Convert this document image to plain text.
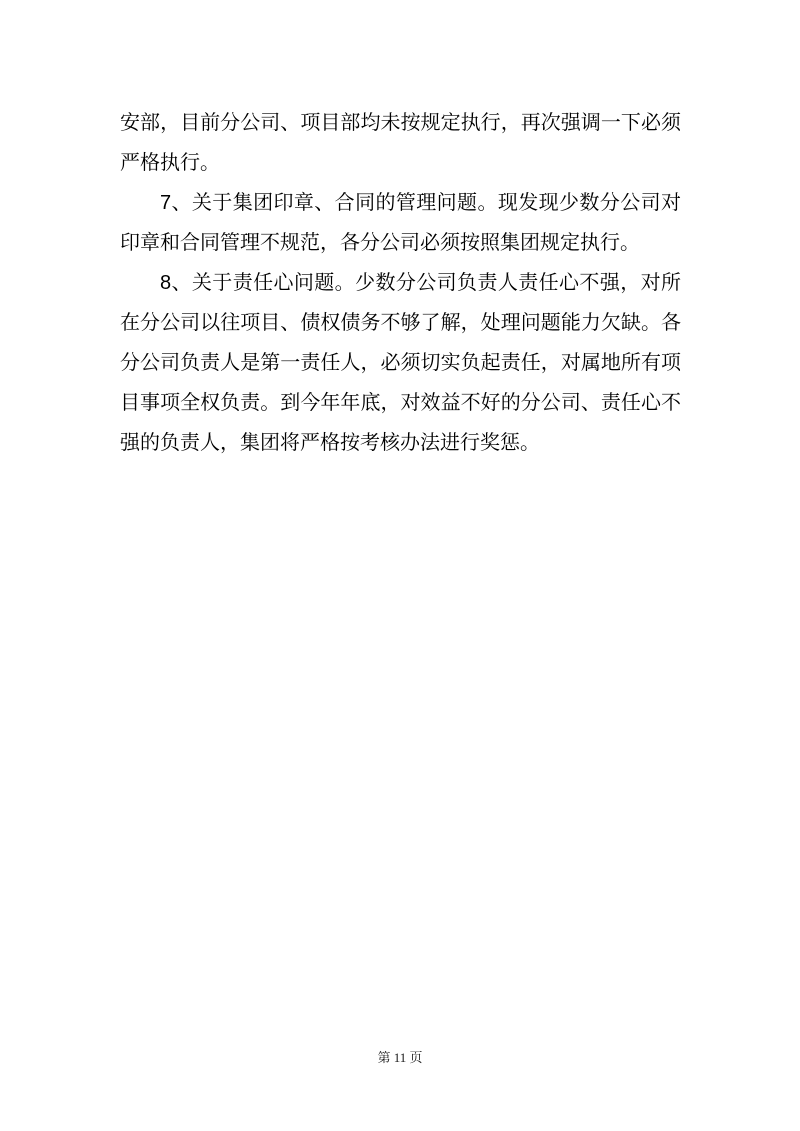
安部，目前分公司、项目部均未按规定执行，再次强调一下必须
严格执行。
7、关于集团印章、合同的管理问题。现发现少数分公司对
印章和合同管理不规范，各分公司必须按照集团规定执行。
8、关于责任心问题。少数分公司负责人责任心不强，对所
在分公司以往项目、债权债务不够了解，处理问题能力欠缺。各
分公司负责人是第一责任人，必须切实负起责任，对属地所有项
目事项全权负责。到今年年底，对效益不好的分公司、责任心不
强的负责人，集团将严格按考核办法进行奖惩。
第 11 页
